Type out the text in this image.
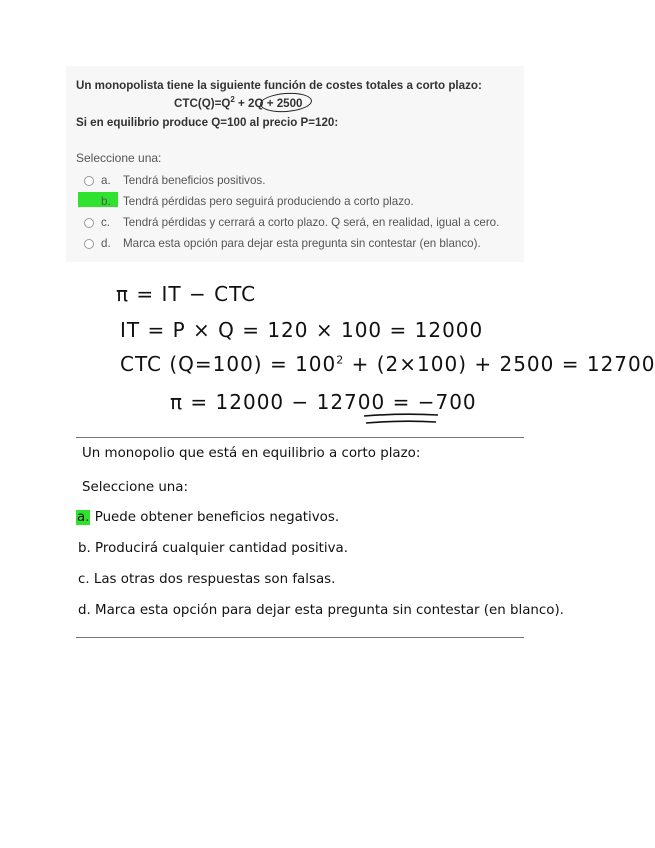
Un monopolista tiene la siguiente función de costes totales a corto plazo:
$CTC(Q)=Q^2 + 2Q + 2500$
Si en equilibrio produce Q=100 al precio P=120:
Seleccione una:
a. Tendrá beneficios positivos.
b. Tendrá pérdidas pero seguirá produciendo a corto plazo.
c. Tendrá pérdidas y cerrará a corto plazo. Q será, en realidad, igual a cero.
d. Marca esta opción para dejar esta pregunta sin contestar (en blanco).
π = IT − CTC
IT = P × Q = 120 × 100 = 12000
CTC $(Q=100) = 100^2 + (2\times 100) + 2500 = 12700$
π = 12000 − 12700 = −700
Un monopolio que está en equilibrio a corto plazo:
Seleccione una:
a. Puede obtener beneficios negativos.
b. Producirá cualquier cantidad positiva.
c. Las otras dos respuestas son falsas.
d. Marca esta opción para dejar esta pregunta sin contestar (en blanco).
